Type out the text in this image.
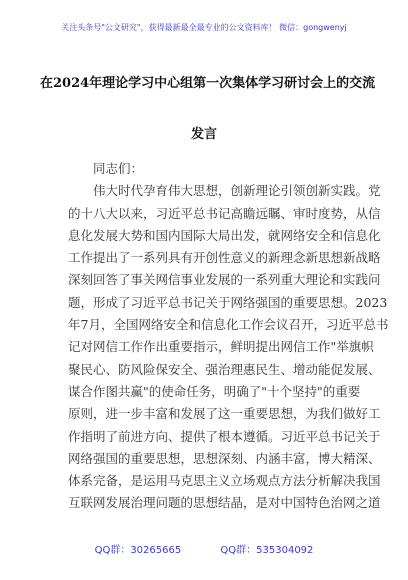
关注头条号"公文研究"，获得最新最全最专业的公文资料库！ 微信：gongwenyj
在2024年理论学习中心组第一次集体学习研讨会上的交流
发言
同志们：
伟大时代孕育伟大思想，创新理论引领创新实践。党
的十八大以来，习近平总书记高瞻远瞩、审时度势，从信
息化发展大势和国内国际大局出发，就网络安全和信息化
工作提出了一系列具有开创性意义的新理念新思想新战略
深刻回答了事关网信事业发展的一系列重大理论和实践问
题，形成了习近平总书记关于网络强国的重要思想。2023
年7月，全国网络安全和信息化工作会议召开，习近平总书
记对网信工作作出重要指示，鲜明提出网信工作"举旗帜
聚民心、防风险保安全、强治理惠民生、增动能促发展、
谋合作图共赢"的使命任务，明确了"十个坚持"的重要
原则，进一步丰富和发展了这一重要思想，为我们做好工
作指明了前进方向、提供了根本遵循。习近平总书记关于
网络强国的重要思想，思想深刻、内涵丰富，博大精深、
体系完备，是运用马克思主义立场观点方法分析解决我国
互联网发展治理问题的思想结晶，是对中国特色治网之道
QQ群：30265665	QQ群：535304092
